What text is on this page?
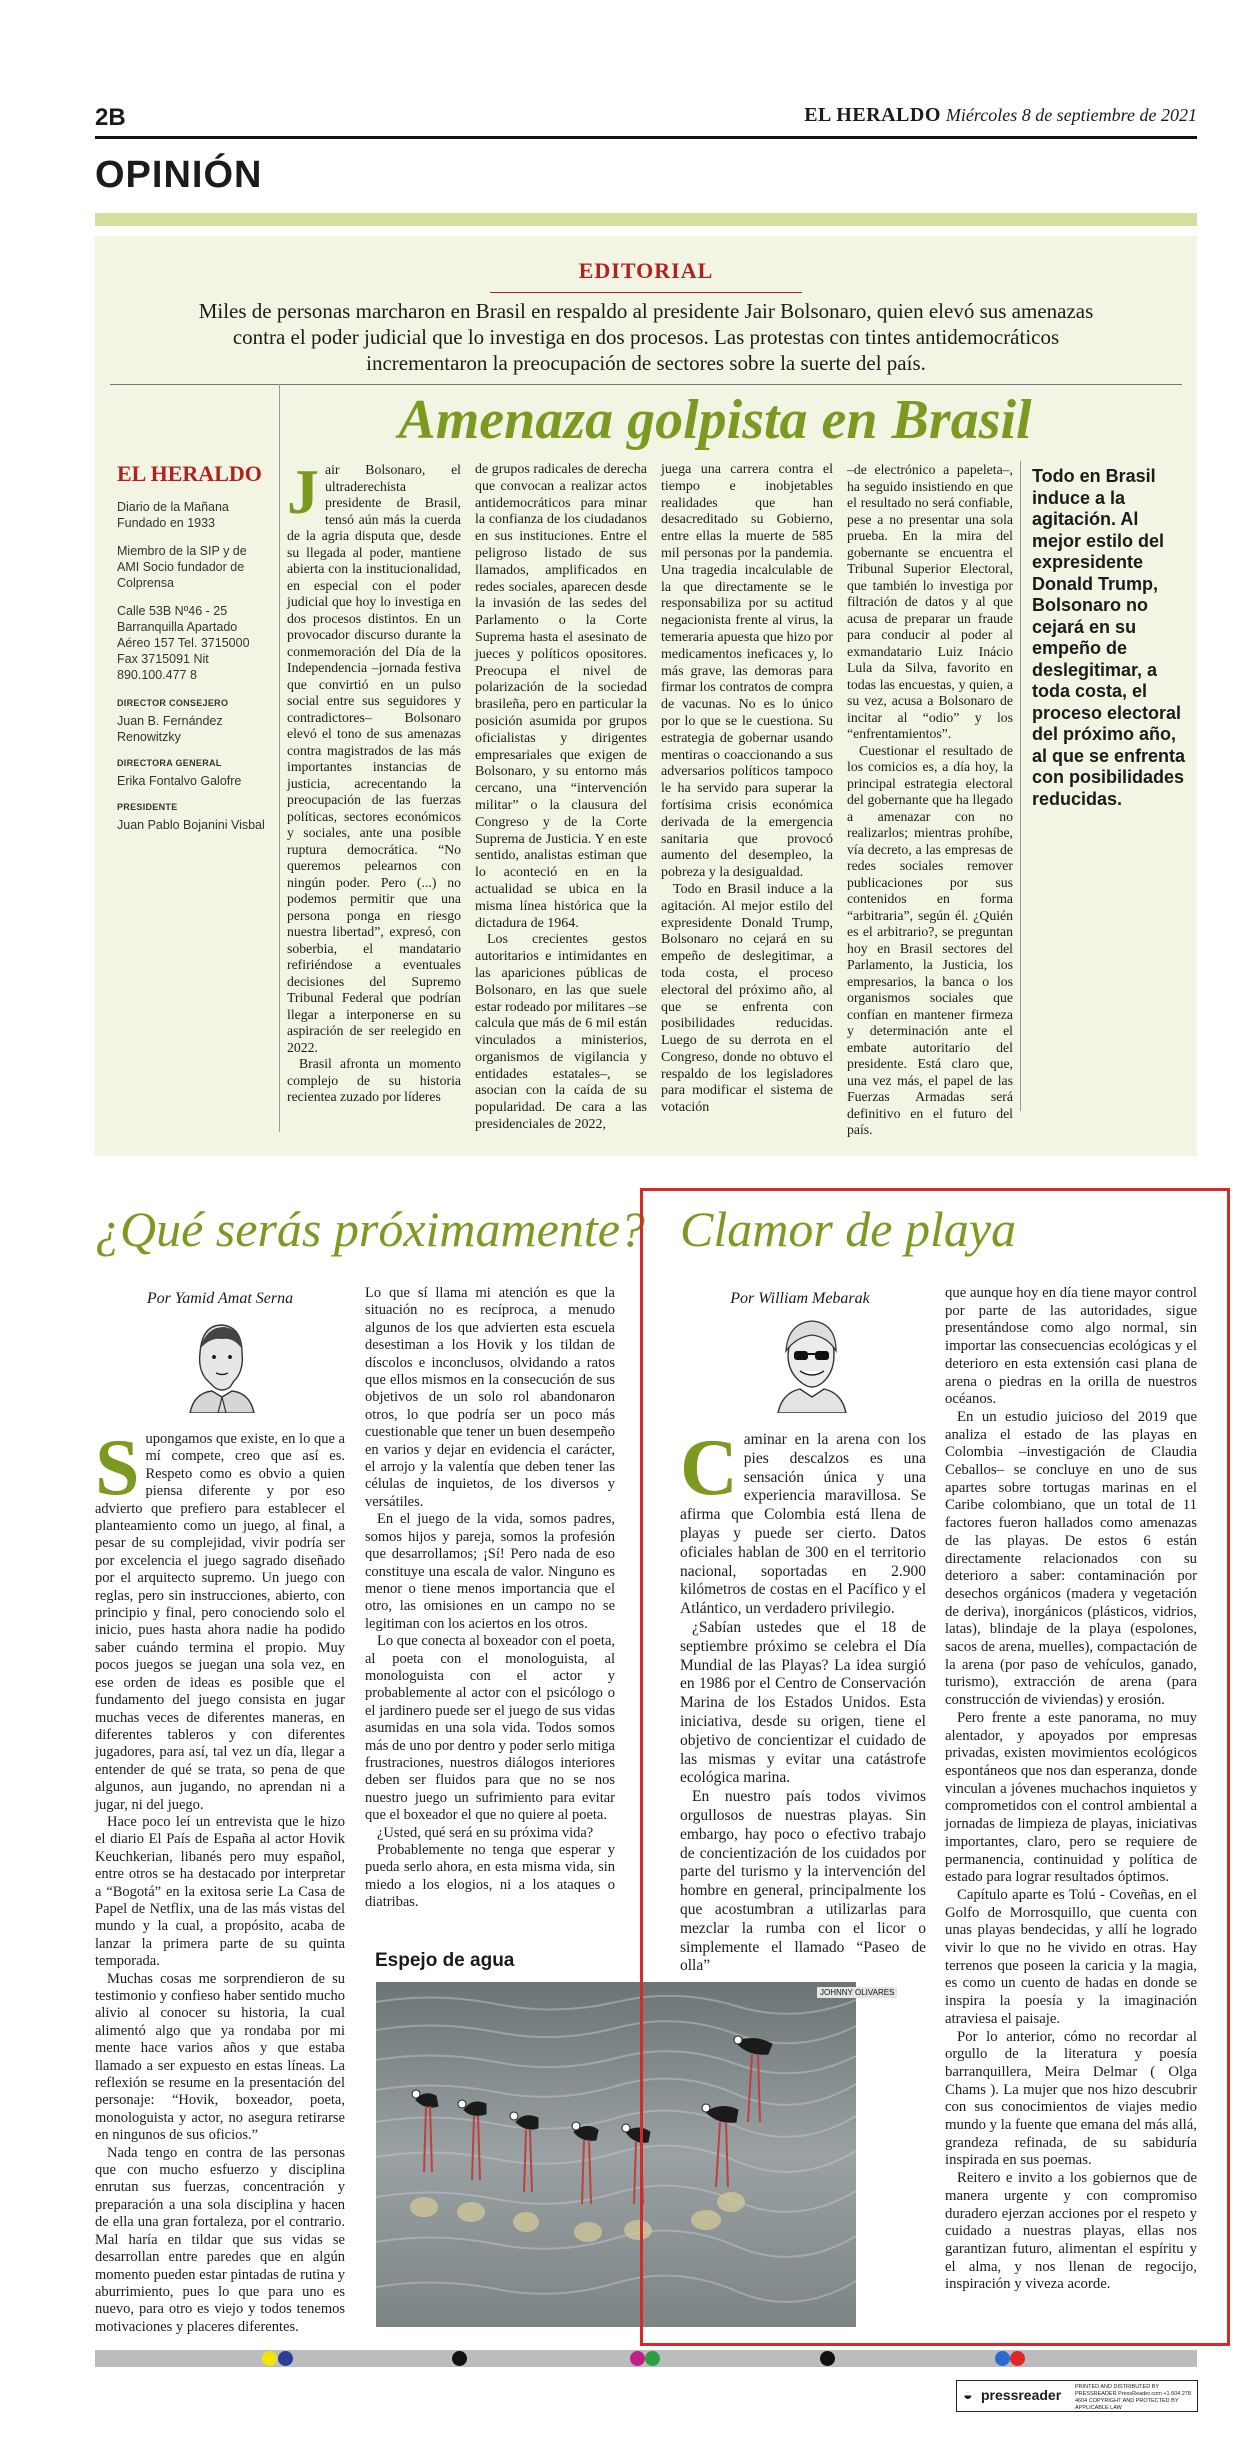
2B	EL HERALDO Miércoles 8 de septiembre de 2021
OPINIÓN
EDITORIAL
Miles de personas marcharon en Brasil en respaldo al presidente Jair Bolsonaro, quien elevó sus amenazas contra el poder judicial que lo investiga en dos procesos. Las protestas con tintes antidemocráticos incrementaron la preocupación de sectores sobre la suerte del país.
Amenaza golpista en Brasil
EL HERALDO

Diario de la Mañana Fundado en 1933

Miembro de la SIP y de AMI Socio fundador de Colprensa

Calle 53B Nº46 - 25 Barranquilla Apartado Aéreo 157 Tel. 3715000 Fax 3715091 Nit 890.100.477 8

DIRECTOR CONSEJERO
Juan B. Fernández Renowitzky
DIRECTORA GENERAL
Erika Fontalvo Galofre
PRESIDENTE
Juan Pablo Bojanini Visbal

Jair Bolsonaro, el ultraderechista presidente de Brasil, tensó aún más la cuerda de la agria disputa que, desde su llegada al poder, mantiene abierta con la institucionalidad, en especial con el poder judicial que hoy lo investiga en dos procesos distintos. En un provocador discurso durante la conmemoración del Día de la Independencia –jornada festiva que convirtió en un pulso social entre sus seguidores y contradictores– Bolsonaro elevó el tono de sus amenazas contra magistrados de las más importantes instancias de justicia, acrecentando la preocupación de las fuerzas políticas, sectores económicos y sociales, ante una posible ruptura democrática. “No queremos pelearnos con ningún poder. Pero (...) no podemos permitir que una persona ponga en riesgo nuestra libertad”, expresó, con soberbia, el mandatario refiriéndose a eventuales decisiones del Supremo Tribunal Federal que podrían llegar a interponerse en su aspiración de ser reelegido en 2022.

Brasil afronta un momento complejo de su historia recientea zuzado por líderes

de grupos radicales de derecha que convocan a realizar actos antidemocráticos para minar la confianza de los ciudadanos en sus instituciones. Entre el peligroso listado de sus llamados, amplificados en redes sociales, aparecen desde la invasión de las sedes del Parlamento o la Corte Suprema hasta el asesinato de jueces y políticos opositores. Preocupa el nivel de polarización de la sociedad brasileña, pero en particular la posición asumida por grupos oficialistas y dirigentes empresariales que exigen de Bolsonaro, y su entorno más cercano, una “intervención militar” o la clausura del Congreso y de la Corte Suprema de Justicia. Y en este sentido, analistas estiman que lo aconteció en en la actualidad se ubica en la misma línea histórica que la dictadura de 1964.

Los crecientes gestos autoritarios e intimidantes en las apariciones públicas de Bolsonaro, en las que suele estar rodeado por militares –se calcula que más de 6 mil están vinculados a ministerios, organismos de vigilancia y entidades estatales–, se asocian con la caída de su popularidad. De cara a las presidenciales de 2022,

juega una carrera contra el tiempo e inobjetables realidades que han desacreditado su Gobierno, entre ellas la muerte de 585 mil personas por la pandemia. Una tragedia incalculable de la que directamente se le responsabiliza por su actitud negacionista frente al virus, la temeraria apuesta que hizo por medicamentos ineficaces y, lo más grave, las demoras para firmar los contratos de compra de vacunas. No es lo único por lo que se le cuestiona. Su estrategia de gobernar usando mentiras o coaccionando a sus adversarios políticos tampoco le ha servido para superar la fortísima crisis económica derivada de la emergencia sanitaria que provocó aumento del desempleo, la pobreza y la desigualdad.

Todo en Brasil induce a la agitación. Al mejor estilo del expresidente Donald Trump, Bolsonaro no cejará en su empeño de deslegitimar, a toda costa, el proceso electoral del próximo año, al que se enfrenta con posibilidades reducidas. Luego de su derrota en el Congreso, donde no obtuvo el respaldo de los legisladores para modificar el sistema de votación

–de electrónico a papeleta–, ha seguido insistiendo en que el resultado no será confiable, pese a no presentar una sola prueba. En la mira del gobernante se encuentra el Tribunal Superior Electoral, que también lo investiga por filtración de datos y al que acusa de preparar un fraude para conducir al poder al exmandatario Luiz Inácio Lula da Silva, favorito en todas las encuestas, y quien, a su vez, acusa a Bolsonaro de incitar al “odio” y los “enfrentamientos”.

Cuestionar el resultado de los comicios es, a día hoy, la principal estrategia electoral del gobernante que ha llegado a amenazar con no realizarlos; mientras prohíbe, vía decreto, a las empresas de redes sociales remover publicaciones por sus contenidos en forma “arbitraria”, según él. ¿Quién es el arbitrario?, se preguntan hoy en Brasil sectores del Parlamento, la Justicia, los empresarios, la banca o los organismos sociales que confían en mantener firmeza y determinación ante el embate autoritario del presidente. Está claro que, una vez más, el papel de las Fuerzas Armadas será definitivo en el futuro del país.

Todo en Brasil induce a la agitación. Al mejor estilo del expresidente Donald Trump, Bolsonaro no cejará en su empeño de deslegitimar, a toda costa, el proceso electoral del próximo año, al que se enfrenta con posibilidades reducidas.
¿Qué serás próximamente?
Por Yamid Amat Serna

Supongamos que existe, en lo que a mí compete, creo que así es. Respeto como es obvio a quien piensa diferente y por eso advierto que prefiero para establecer el planteamiento como un juego, al final, a pesar de su complejidad, vivir podría ser por excelencia el juego sagrado diseñado por el arquitecto supremo. Un juego con reglas, pero sin instrucciones, abierto, con principio y final, pero conociendo solo el inicio, pues hasta ahora nadie ha podido saber cuándo termina el propio. Muy pocos juegos se juegan una sola vez, en ese orden de ideas es posible que el fundamento del juego consista en jugar muchas veces de diferentes maneras, en diferentes tableros y con diferentes jugadores, para así, tal vez un día, llegar a entender de qué se trata, so pena de que algunos, aun jugando, no aprendan ni a jugar, ni del juego.

Hace poco leí un entrevista que le hizo el diario El País de España al actor Hovik Keuchkerian, libanés pero muy español, entre otros se ha destacado por interpretar a “Bogotá” en la exitosa serie La Casa de Papel de Netflix, una de las más vistas del mundo y la cual, a propósito, acaba de lanzar la primera parte de su quinta temporada.

Muchas cosas me sorprendieron de su testimonio y confieso haber sentido mucho alivio al conocer su historia, la cual alimentó algo que ya rondaba por mi mente hace varios años y que estaba llamado a ser expuesto en estas líneas. La reflexión se resume en la presentación del personaje: “Hovik, boxeador, poeta, monologuista y actor, no asegura retirarse en ningunos de sus oficios.”

Nada tengo en contra de las personas que con mucho esfuerzo y disciplina enrutan sus fuerzas, concentración y preparación a una sola disciplina y hacen de ella una gran fortaleza, por el contrario. Mal haría en tildar que sus vidas se desarrollan entre paredes que en algún momento pueden estar pintadas de rutina y aburrimiento, pues lo que para uno es nuevo, para otro es viejo y todos tenemos motivaciones y placeres diferentes.

Lo que sí llama mi atención es que la situación no es recíproca, a menudo algunos de los que advierten esta escuela desestiman a los Hovik y los tildan de díscolos e inconclusos, olvidando a ratos que ellos mismos en la consecución de sus objetivos de un solo rol abandonaron otros, lo que podría ser un poco más cuestionable que tener un buen desempeño en varios y dejar en evidencia el carácter, el arrojo y la valentía que deben tener las células de inquietos, de los diversos y versátiles.

En el juego de la vida, somos padres, somos hijos y pareja, somos la profesión que desarrollamos; ¡Sí! Pero nada de eso constituye una escala de valor. Ninguno es menor o tiene menos importancia que el otro, las omisiones en un campo no se legitiman con los aciertos en los otros.

Lo que conecta al boxeador con el poeta, al poeta con el monologuista, al monologuista con el actor y probablemente al actor con el psicólogo o el jardinero puede ser el juego de sus vidas asumidas en una sola vida. Todos somos más de uno por dentro y poder serlo mitiga frustraciones, nuestros diálogos interiores deben ser fluidos para que no se nos nuestro juego un sufrimiento para evitar que el boxeador el que no quiere al poeta.

¿Usted, qué será en su próxima vida?

Probablemente no tenga que esperar y pueda serlo ahora, en esta misma vida, sin miedo a los elogios, ni a los ataques o diatribas.

Espejo de agua
JOHNNY OLIVARES
Clamor de playa
Por William Mebarak

Caminar en la arena con los pies descalzos es una sensación única y una experiencia maravillosa. Se afirma que Colombia está llena de playas y puede ser cierto. Datos oficiales hablan de 300 en el territorio nacional, soportadas en 2.900 kilómetros de costas en el Pacífico y el Atlántico, un verdadero privilegio.

¿Sabían ustedes que el 18 de septiembre próximo se celebra el Día Mundial de las Playas? La idea surgió en 1986 por el Centro de Conservación Marina de los Estados Unidos. Esta iniciativa, desde su origen, tiene el objetivo de concientizar el cuidado de las mismas y evitar una catástrofe ecológica marina.

En nuestro país todos vivimos orgullosos de nuestras playas. Sin embargo, hay poco o efectivo trabajo de concientización de los cuidados por parte del turismo y la intervención del hombre en general, principalmente los que acostumbran a utilizarlas para mezclar la rumba con el licor o simplemente el llamado “Paseo de olla”

que aunque hoy en día tiene mayor control por parte de las autoridades, sigue presentándose como algo normal, sin importar las consecuencias ecológicas y el deterioro en esta extensión casi plana de arena o piedras en la orilla de nuestros océanos.

En un estudio juicioso del 2019 que analiza el estado de las playas en Colombia –investigación de Claudia Ceballos– se concluye en uno de sus apartes sobre tortugas marinas en el Caribe colombiano, que un total de 11 factores fueron hallados como amenazas de las playas. De estos 6 están directamente relacionados con su deterioro a saber: contaminación por desechos orgánicos (madera y vegetación de deriva), inorgánicos (plásticos, vidrios, latas), blindaje de la playa (espolones, sacos de arena, muelles), compactación de la arena (por paso de vehículos, ganado, turismo), extracción de arena (para construcción de viviendas) y erosión.

Pero frente a este panorama, no muy alentador, y apoyados por empresas privadas, existen movimientos ecológicos espontáneos que nos dan esperanza, donde vinculan a jóvenes muchachos inquietos y comprometidos con el control ambiental a jornadas de limpieza de playas, iniciativas importantes, claro, pero se requiere de permanencia, continuidad y política de estado para lograr resultados óptimos.

Capítulo aparte es Tolú - Coveñas, en el Golfo de Morrosquillo, que cuenta con unas playas bendecidas, y allí he logrado vivir lo que no he vivido en otras. Hay terrenos que poseen la caricia y la magia, es como un cuento de hadas en donde se inspira la poesía y la imaginación atraviesa el paisaje.

Por lo anterior, cómo no recordar al orgullo de la literatura y poesía barranquillera, Meira Delmar ( Olga Chams ). La mujer que nos hizo descubrir con sus conocimientos de viajes medio mundo y la fuente que emana del más allá, grandeza refinada, de su sabiduría inspirada en sus poemas.

Reitero e invito a los gobiernos que de manera urgente y con compromiso duradero ejerzan acciones por el respeto y cuidado a nuestras playas, ellas nos garantizan futuro, alimentan el espíritu y el alma, y nos llenan de regocijo, inspiración y viveza acorde.

◒ pressreader	PRINTED AND DISTRIBUTED BY PRESSREADER PressReader.com +1 604 278 4604 COPYRIGHT AND PROTECTED BY APPLICABLE LAW
